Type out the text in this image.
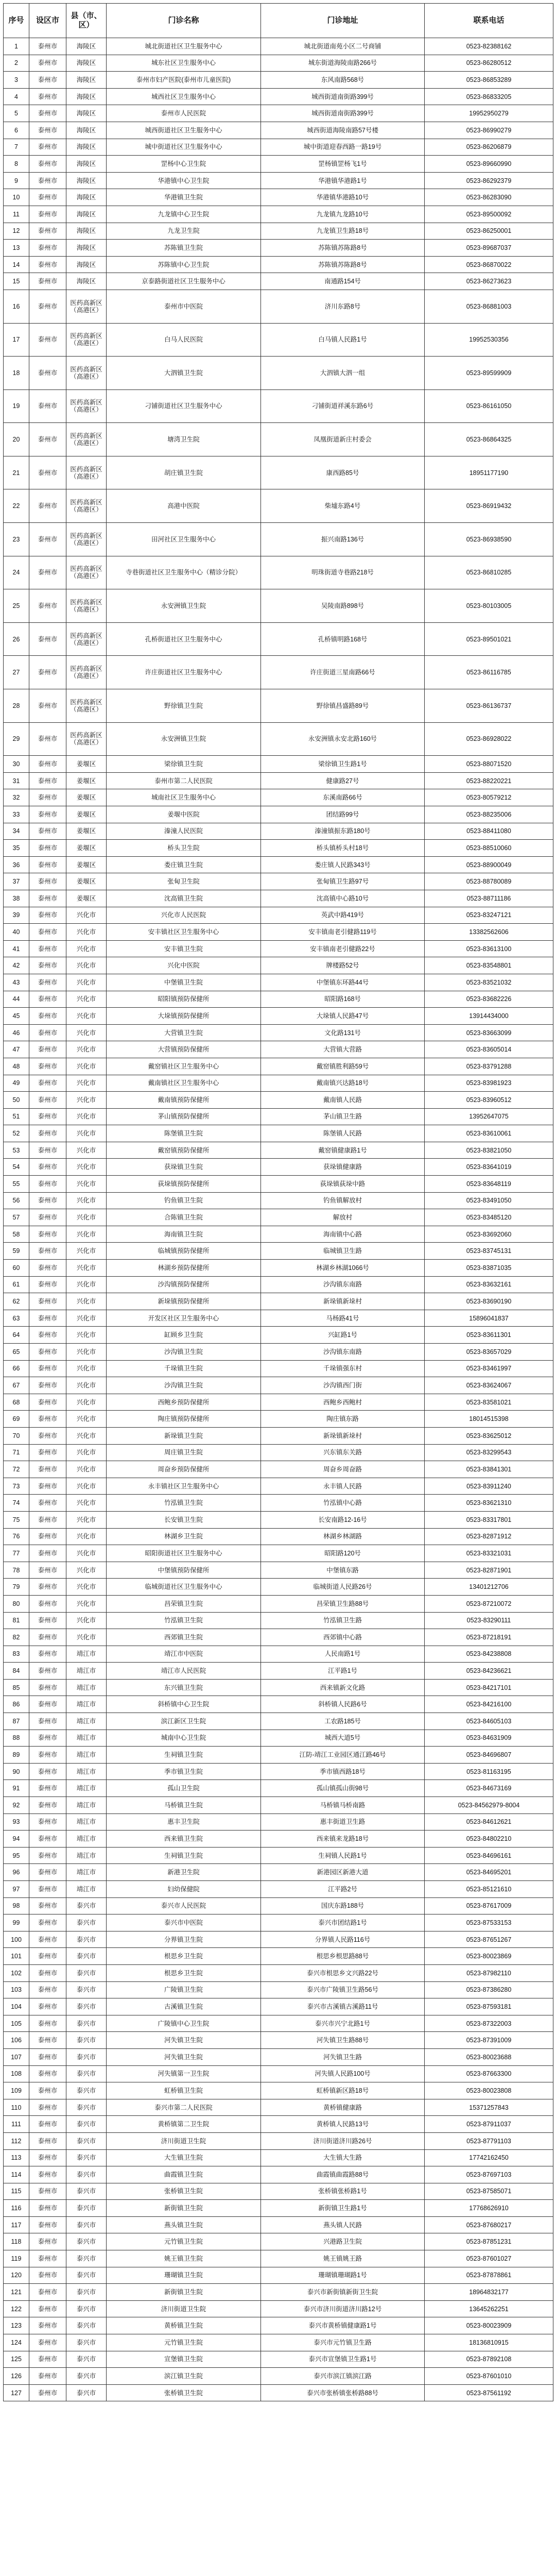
序号	设区市	县（市、区）	门诊名称	门诊地址	联系电话
1	泰州市	海陵区	城北街道社区卫生服务中心	城北街道南苑小区二号商铺	0523-82388162
2	泰州市	海陵区	城东社区卫生服务中心	城东街道海陵南路266号	0523-86280512
3	泰州市	海陵区	泰州市妇产医院(泰州市儿童医院)	东风南路568号	0523-86853289
4	泰州市	海陵区	城西社区卫生服务中心	城西街道南街路399号	0523-86833205
5	泰州市	海陵区	泰州市人民医院	城西街道南街路399号	19952950279
6	泰州市	海陵区	城西街道社区卫生服务中心	城西街道海陵南路57号楼	0523-86990279
7	泰州市	海陵区	城中街道社区卫生服务中心	城中街道迎春西路一路19号	0523-86206879
8	泰州市	海陵区	罡杨中心卫生院	罡杨镇罡杨飞1号	0523-89660990
9	泰州市	海陵区	华港镇中心卫生院	华港镇华港路1号	0523-86292379
10	泰州市	海陵区	华港镇卫生院	华港镇华港路10号	0523-86283090
11	泰州市	海陵区	九龙镇中心卫生院	九龙镇九龙路10号	0523-89500092
12	泰州市	海陵区	九龙卫生院	九龙镇卫生路18号	0523-86250001
13	泰州市	海陵区	苏陈镇卫生院	苏陈镇苏陈路8号	0523-89687037
14	泰州市	海陵区	苏陈镇中心卫生院	苏陈镇苏陈路8号	0523-86870022
15	泰州市	海陵区	京泰路街道社区卫生服务中心	南通路154号	0523-86273623
16	泰州市	医药高新区（高港区）	泰州市中医院	济川东路8号	0523-86881003
17	泰州市	医药高新区（高港区）	白马人民医院	白马镇人民路1号	19952530356
18	泰州市	医药高新区（高港区）	大泗镇卫生院	大泗镇大泗一组	0523-89599909
19	泰州市	医药高新区（高港区）	刁铺街道社区卫生服务中心	刁铺街道祥溪东路6号	0523-86161050
20	泰州市	医药高新区（高港区）	塘湾卫生院	凤凰街道新庄村委会	0523-86864325
21	泰州市	医药高新区（高港区）	胡庄镇卫生院	康西路85号	18951177190
22	泰州市	医药高新区（高港区）	高港中医院	柴墟东路4号	0523-86919432
23	泰州市	医药高新区（高港区）	田河社区卫生服务中心	振兴南路136号	0523-86938590
24	泰州市	医药高新区（高港区）	寺巷街道社区卫生服务中心（精诊分院）	明珠街道寺巷路218号	0523-86810285
25	泰州市	医药高新区（高港区）	永安洲镇卫生院	吴陵南路898号	0523-80103005
26	泰州市	医药高新区（高港区）	孔桥街道社区卫生服务中心	孔桥镇明路168号	0523-89501021
27	泰州市	医药高新区（高港区）	许庄街道社区卫生服务中心	许庄街道三星南路66号	0523-86116785
28	泰州市	医药高新区（高港区）	野徐镇卫生院	野徐镇昌盛路89号	0523-86136737
29	泰州市	医药高新区（高港区）	永安洲镇卫生院	永安洲镇永安北路160号	0523-86928022
30	泰州市	姜堰区	梁徐镇卫生院	梁徐镇卫生路1号	0523-88071520
31	泰州市	姜堰区	泰州市第二人民医院	健康路27号	0523-88220221
32	泰州市	姜堰区	城南社区卫生服务中心	东溪南路66号	0523-80579212
33	泰州市	姜堰区	姜堰中医院	团结路99号	0523-88235006
34	泰州市	姜堰区	溱潼人民医院	溱潼镇振东路180号	0523-88411080
35	泰州市	姜堰区	桥头卫生院	桥头镇桥头村18号	0523-88510060
36	泰州市	姜堰区	娄庄镇卫生院	娄庄镇人民路343号	0523-88900049
37	泰州市	姜堰区	张甸卫生院	张甸镇卫生路97号	0523-88780089
38	泰州市	姜堰区	沈高镇卫生院	沈高镇中心路10号	0523-88711186
39	泰州市	兴化市	兴化市人民医院	英武中路419号	0523-83247121
40	泰州市	兴化市	安丰镇社区卫生服务中心	安丰镇南老引健路119号	13382562606
41	泰州市	兴化市	安丰镇卫生院	安丰镇南老引健路22号	0523-83613100
42	泰州市	兴化市	兴化中医院	牌楼路52号	0523-83548801
43	泰州市	兴化市	中堡镇卫生院	中堡镇东环路44号	0523-83521032
44	泰州市	兴化市	昭阳镇预防保健所	昭阳路168号	0523-83682226
45	泰州市	兴化市	大垛镇预防保健所	大垛镇人民路47号	13914434000
46	泰州市	兴化市	大营镇卫生院	文化路131号	0523-83663099
47	泰州市	兴化市	大营镇预防保健所	大营镇大营路	0523-83605014
48	泰州市	兴化市	戴窑镇社区卫生服务中心	戴窑镇胜利路59号	0523-83791288
49	泰州市	兴化市	戴南镇社区卫生服务中心	戴南镇兴达路18号	0523-83981923
50	泰州市	兴化市	戴南镇预防保健所	戴南镇人民路	0523-83960512
51	泰州市	兴化市	茅山镇预防保健所	茅山镇卫生路	13952647075
52	泰州市	兴化市	陈堡镇卫生院	陈堡镇人民路	0523-83610061
53	泰州市	兴化市	戴窑镇预防保健所	戴窑镇健康路1号	0523-83821050
54	泰州市	兴化市	获垛镇卫生院	获垛镇健康路	0523-83641019
55	泰州市	兴化市	荻垛镇预防保健所	荻垛镇荻垛中路	0523-83648119
56	泰州市	兴化市	钓鱼镇卫生院	钓鱼镇解放村	0523-83491050
57	泰州市	兴化市	合陈镇卫生院	解放村	0523-83485120
58	泰州市	兴化市	海南镇卫生院	海南镇中心路	0523-83692060
59	泰州市	兴化市	临城镇预防保健所	临城镇卫生路	0523-83745131
60	泰州市	兴化市	林湖乡预防保健所	林湖乡林湖1066号	0523-83871035
61	泰州市	兴化市	沙沟镇预防保健所	沙沟镇东南路	0523-83632161
62	泰州市	兴化市	新垛镇预防保健所	新垛镇新垛村	0523-83690190
63	泰州市	兴化市	开发区社区卫生服务中心	马杨路41号	15896041837
64	泰州市	兴化市	缸顾乡卫生院	兴缸路1号	0523-83611301
65	泰州市	兴化市	沙沟镇卫生院	沙沟镇东南路	0523-83657029
66	泰州市	兴化市	千垛镇卫生院	千垛镇强东村	0523-83461997
67	泰州市	兴化市	沙沟镇卫生院	沙沟镇西门街	0523-83624067
68	泰州市	兴化市	西鲍乡预防保健所	西鲍乡西鲍村	0523-83581021
69	泰州市	兴化市	陶庄镇预防保健所	陶庄镇东路	18014515398
70	泰州市	兴化市	新垛镇卫生院	新垛镇新垛村	0523-83625012
71	泰州市	兴化市	周庄镇卫生院	兴东镇东关路	0523-83299543
72	泰州市	兴化市	周奋乡预防保健所	周奋乡周奋路	0523-83841301
73	泰州市	兴化市	永丰镇社区卫生服务中心	永丰镇人民路	0523-83911240
74	泰州市	兴化市	竹泓镇卫生院	竹泓镇中心路	0523-83621310
75	泰州市	兴化市	长安镇卫生院	长安南路12-16号	0523-83317801
76	泰州市	兴化市	林湖乡卫生院	林湖乡林湖路	0523-82871912
77	泰州市	兴化市	昭阳街道社区卫生服务中心	昭阳路120号	0523-83321031
78	泰州市	兴化市	中堡镇预防保健所	中堡镇东路	0523-82871901
79	泰州市	兴化市	临城街道社区卫生服务中心	临城街道人民路26号	13401212706
80	泰州市	兴化市	昌荣镇卫生院	昌荣镇卫生路88号	0523-87210072
81	泰州市	兴化市	竹泓镇卫生院	竹泓镇卫生路	0523-83290111
82	泰州市	兴化市	西郊镇卫生院	西郊镇中心路	0523-87218191
83	泰州市	靖江市	靖江市中医院	人民南路1号	0523-84238808
84	泰州市	靖江市	靖江市人民医院	江平路1号	0523-84236621
85	泰州市	靖江市	东兴镇卫生院	西来镇新文化路	0523-84217101
86	泰州市	靖江市	斜桥镇中心卫生院	斜桥镇人民路6号	0523-84216100
87	泰州市	靖江市	滨江新区卫生院	工农路185号	0523-84605103
88	泰州市	靖江市	城南中心卫生院	城西大道5号	0523-84631909
89	泰州市	靖江市	生祠镇卫生院	江防-靖江工业园区通江路46号	0523-84696807
90	泰州市	靖江市	季市镇卫生院	季市镇西路18号	0523-81163195
91	泰州市	靖江市	孤山卫生院	孤山镇孤山街98号	0523-84673169
92	泰州市	靖江市	马桥镇卫生院	马桥镇马桥南路	0523-84562979-8004
93	泰州市	靖江市	惠丰卫生院	惠丰街道卫生路	0523-84612621
94	泰州市	靖江市	西来镇卫生院	西来镇来龙路18号	0523-84802210
95	泰州市	靖江市	生祠镇卫生院	生祠镇人民路1号	0523-84696161
96	泰州市	靖江市	新港卫生院	新港园区新港大道	0523-84695201
97	泰州市	靖江市	妇幼保健院	江平路2号	0523-85121610
98	泰州市	泰兴市	泰兴市人民医院	国庆东路188号	0523-87617009
99	泰州市	泰兴市	泰兴市中医院	泰兴市团结路1号	0523-87533153
100	泰州市	泰兴市	分界镇卫生院	分界镇人民路116号	0523-87651267
101	泰州市	泰兴市	根思乡卫生院	根思乡根思路88号	0523-80023869
102	泰州市	泰兴市	根思乡卫生院	泰兴市根思乡文兴路22号	0523-87982110
103	泰州市	泰兴市	广陵镇卫生院	泰兴市广陵镇卫生路56号	0523-87386280
104	泰州市	泰兴市	古溪镇卫生院	泰兴市古溪镇古溪路11号	0523-87593181
105	泰州市	泰兴市	广陵镇中心卫生院	泰兴市兴宁北路1号	0523-87322003
106	泰州市	泰兴市	河失镇卫生院	河失镇卫生路88号	0523-87391009
107	泰州市	泰兴市	河失镇卫生院	河失镇卫生路	0523-80023688
108	泰州市	泰兴市	河失镇第一卫生院	河失镇人民路100号	0523-87663300
109	泰州市	泰兴市	虹桥镇卫生院	虹桥镇新区路18号	0523-80023808
110	泰州市	泰兴市	泰兴市第二人民医院	黄桥镇健康路	15371257843
111	泰州市	泰兴市	黄桥镇第二卫生院	黄桥镇人民路13号	0523-87911037
112	泰州市	泰兴市	济川街道卫生院	济川街道济川路26号	0523-87791103
113	泰州市	泰兴市	大生镇卫生院	大生镇大生路	17742162450
114	泰州市	泰兴市	曲霞镇卫生院	曲霞镇曲霞路88号	0523-87697103
115	泰州市	泰兴市	张桥镇卫生院	张桥镇张桥路1号	0523-87585071
116	泰州市	泰兴市	新街镇卫生院	新街镇卫生路1号	17768626910
117	泰州市	泰兴市	燕头镇卫生院	燕头镇人民路	0523-87680217
118	泰州市	泰兴市	元竹镇卫生院	兴港路卫生院	0523-87851231
119	泰州市	泰兴市	姚王镇卫生院	姚王镇姚王路	0523-87601027
120	泰州市	泰兴市	珊瑚镇卫生院	珊瑚镇珊瑚路1号	0523-87878861
121	泰州市	泰兴市	新街镇卫生院	泰兴市新街镇新街卫生院	18964832177
122	泰州市	泰兴市	济川街道卫生院	泰兴市济川街道济川路12号	13645262251
123	泰州市	泰兴市	黄桥镇卫生院	泰兴市黄桥镇健康路1号	0523-80023909
124	泰州市	泰兴市	元竹镇卫生院	泰兴市元竹镇卫生路	18136810915
125	泰州市	泰兴市	宣堡镇卫生院	泰兴市宣堡镇卫生路1号	0523-87892108
126	泰州市	泰兴市	滨江镇卫生院	泰兴市滨江镇滨江路	0523-87601010
127	泰州市	泰兴市	张桥镇卫生院	泰兴市张桥镇张桥路88号	0523-87561192
